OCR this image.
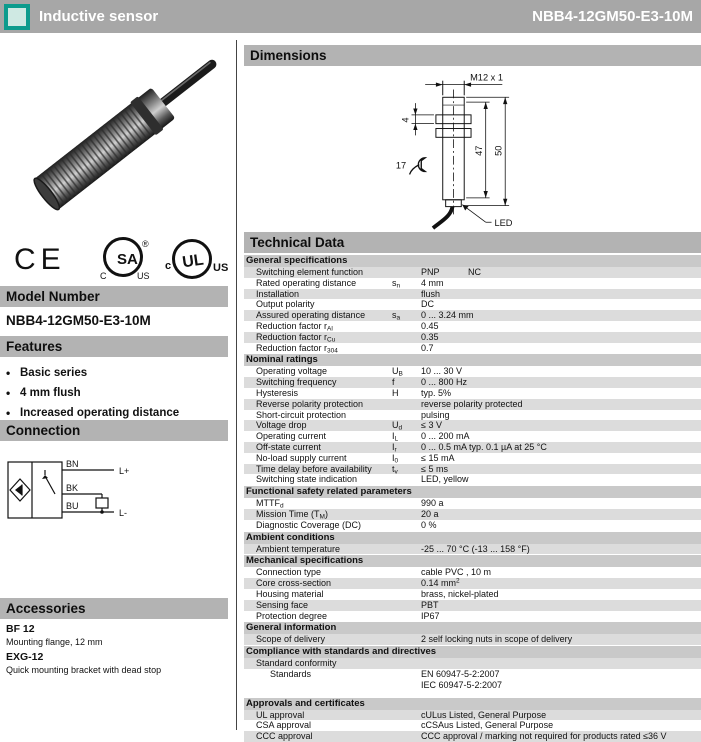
Inductive sensor	NBB4-12GM50-E3-10M
CE	SA
®
C	US
UL
c	US
Model Number
NBB4-12GM50-E3-10M
Features
• Basic series
• 4 mm flush
• Increased operating distance
Connection
BN
BK
BU
L+
L-
Accessories
BF 12
Mounting flange, 12 mm
EXG-12
Quick mounting bracket with dead stop
Dimensions
M12 x 1
4
17
47 50
LED
Technical Data
General specifications
Switching element function	PNP	NC
Rated operating distance	$s_n$	4 mm
Installation	flush
Output polarity	DC
Assured operating distance	$s_a$	0 ... 3.24 mm
Reduction factor $r_{Al}$	0.45
Reduction factor $r_{Cu}$	0.35
Reduction factor $r_{304}$	0.7
Nominal ratings
Operating voltage	$U_B$	10 ... 30 V
Switching frequency	f	0 ... 800 Hz
Hysteresis	H	typ. 5%
Reverse polarity protection	reverse polarity protected
Short-circuit protection	pulsing
Voltage drop	$U_d$	≤ 3 V
Operating current	$I_L$	0 ... 200 mA
Off-state current	$I_r$	0 ... 0.5 mA typ. 0.1 µA at 25 °C
No-load supply current	$I_0$	≤ 15 mA
Time delay before availability	$t_v$	≤ 5 ms
Switching state indication	LED, yellow
Functional safety related parameters
$MTTF_d$	990 a
Mission Time $(T_M)$	20 a
Diagnostic Coverage (DC)	0 %
Ambient conditions
Ambient temperature	-25 ... 70 °C (-13 ... 158 °F)
Mechanical specifications
Connection type	cable PVC , 10 m
Core cross-section	0.14 $mm^2$
Housing material	brass, nickel-plated
Sensing face	PBT
Protection degree	IP67
General information
Scope of delivery	2 self locking nuts in scope of delivery
Compliance with standards and directives
Standard conformity
Standards	EN 60947-5-2:2007
IEC 60947-5-2:2007
Approvals and certificates
UL approval	cULus Listed, General Purpose
CSA approval	cCSAus Listed, General Purpose
CCC approval	CCC approval / marking not required for products rated ≤36 V
